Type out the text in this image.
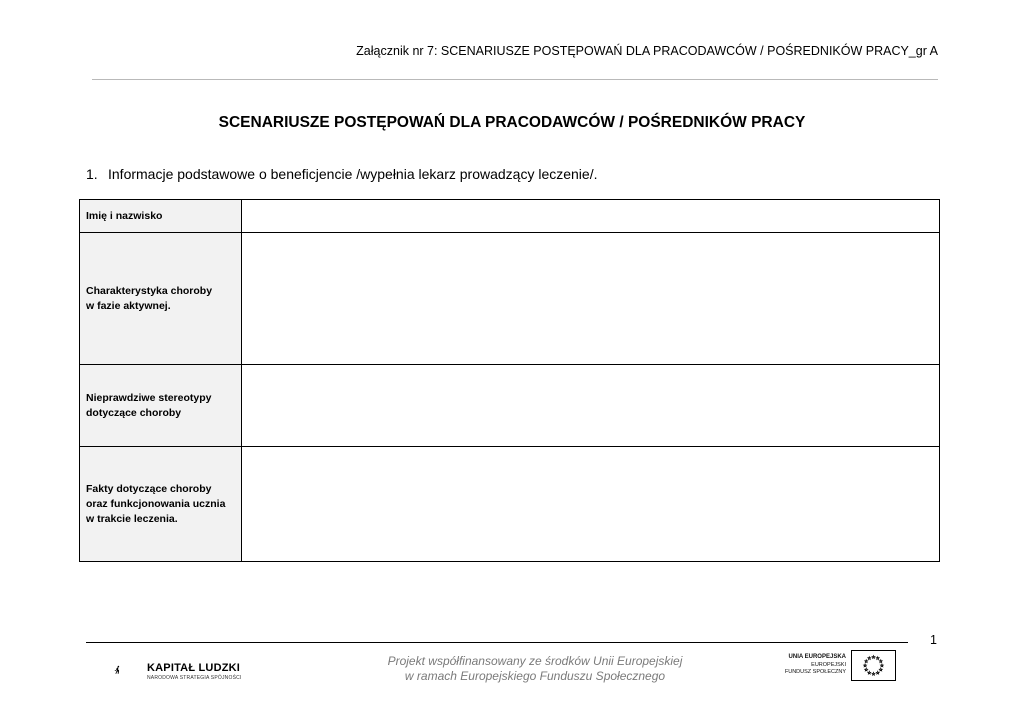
Załącznik nr 7: SCENARIUSZE POSTĘPOWAŃ DLA PRACODAWCÓW / POŚREDNIKÓW PRACY_gr A
SCENARIUSZE POSTĘPOWAŃ DLA PRACODAWCÓW / POŚREDNIKÓW PRACY
1. Informacje podstawowe o beneficjencie /wypełnia lekarz prowadzący leczenie/.
Imię i nazwisko	
Charakterystyka choroby
w fazie aktywnej.	
Nieprawdziwe stereotypy
dotyczące choroby	
Fakty dotyczące choroby
oraz funkcjonowania ucznia
w trakcie leczenia.	
1
KAPITAŁ LUDZKI
NARODOWA STRATEGIA SPÓJNOŚCI
Projekt współfinansowany ze środków Unii Europejskiej
w ramach Europejskiego Funduszu Społecznego
UNIA EUROPEJSKA
EUROPEJSKI
FUNDUSZ SPOŁECZNY
